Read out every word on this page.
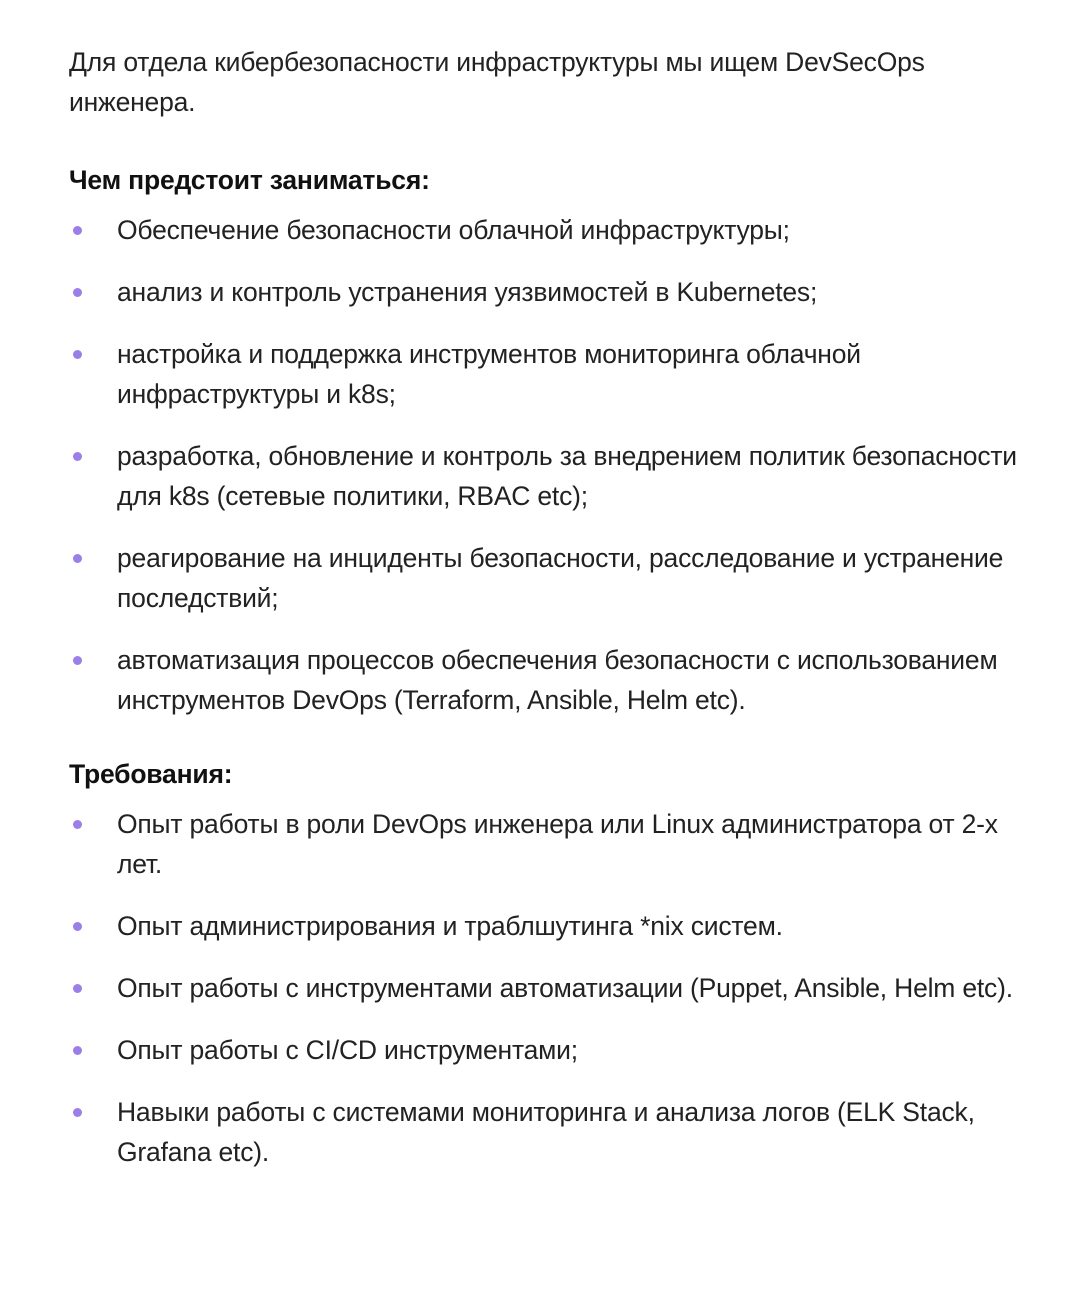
Для отдела кибербезопасности инфраструктуры мы ищем DevSecOps инженера.

Чем предстоит заниматься:
Обеспечение безопасности облачной инфраструктуры;
анализ и контроль устранения уязвимостей в Kubernetes;
настройка и поддержка инструментов мониторинга облачной инфраструктуры и k8s;
разработка, обновление и контроль за внедрением политик безопасности для k8s (сетевые политики, RBAC etc);
реагирование на инциденты безопасности, расследование и устранение последствий;
автоматизация процессов обеспечения безопасности с использованием инструментов DevOps (Terraform, Ansible, Helm etc).
Требования:
Опыт работы в роли DevOps инженера или Linux администратора от 2-х лет.
Опыт администрирования и траблшутинга *nix систем.
Опыт работы с инструментами автоматизации (Puppet, Ansible, Helm etc).
Опыт работы с CI/CD инструментами;
Навыки работы с системами мониторинга и анализа логов (ELK Stack, Grafana etc).
